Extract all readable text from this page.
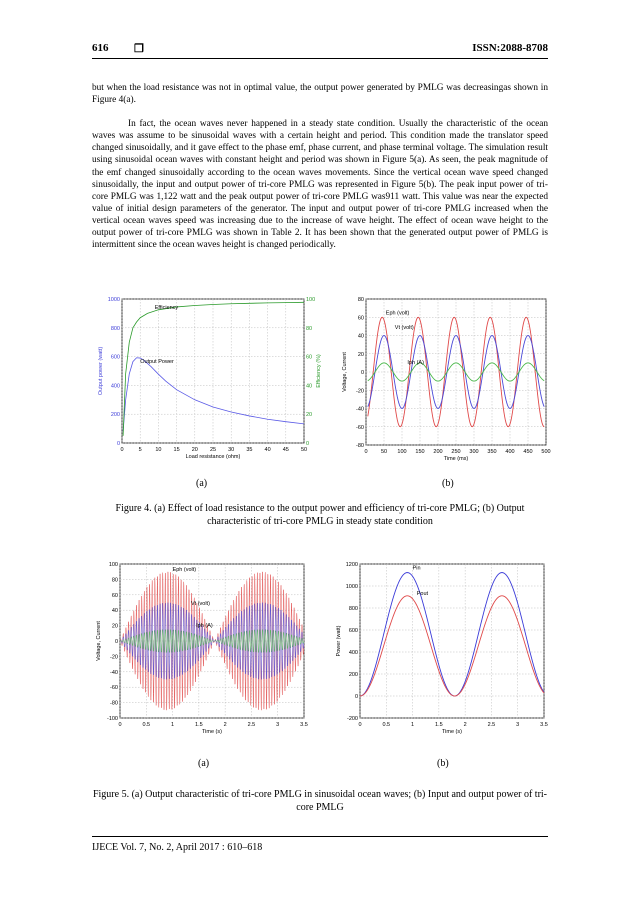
616 ❒	ISSN:2088-8708

but when the load resistance was not in optimal value, the output power generated by PMLG was decreasingas shown in Figure 4(a).

In fact, the ocean waves never happened in a steady state condition. Usually the characteristic of the ocean waves was assume to be sinusoidal waves with a certain height and period. This condition made the translator speed changed sinusoidally, and it gave effect to the phase emf, phase current, and phase terminal voltage. The simulation result using sinusoidal ocean waves with constant height and period was shown in Figure 5(a). As seen, the peak magnitude of the emf changed sinusoidally according to the ocean waves movements. Since the vertical ocean wave speed changed sinusoidally, the input and output power of tri-core PMLG was represented in Figure 5(b). The peak input power of tri-core PMLG was 1,122 watt and the peak output power of tri-core PMLG was911 watt. This value was near the expected value of initial design parameters of the generator. The input and output power of tri-core PMLG increased when the vertical ocean waves speed was increasing due to the increase of wave height. The effect of ocean wave height to the output power of tri-core PMLG was shown in Table 2. It has been shown that the generated output power of PMLG is intermittent since the ocean waves height is changed periodically.

0	5 10 15 20 25 30 35 40 45 50
0
200
400
600
800
1000
Load resistance (ohm)
Output power (watt)
0
20
40
60
80
100
Efficiency (%)
Efficiency
Output Power
0 50 100 150 200 250 300 350 400 450 500
-80
-60
-40
-20
0
20
40
60
80
Time (ms)
Voltage, Current
Eph (volt)
Vt (volt)
Iph (A)
(a)	(b)
Figure 4. (a) Effect of load resistance to the output power and efficiency of tri-core PMLG; (b) Output characteristic of tri-core PMLG in steady state condition
0	0.5	1	1.5	2	2.5	3	3.5
-100
-80
-60
-40
-20
0
20
40
60
80
100
Time (s)
Voltage, Current
Eph (volt)
Vt (volt)
Iph (A)
0	0.5	1	1.5	2	2.5	3	3.5
-200
0
200
400
600
800
1000
1200
Time (s)
Power (watt)
Pin
Pout
(a)	(b)
Figure 5. (a) Output characteristic of tri-core PMLG in sinusoidal ocean waves; (b) Input and output power of tri-core PMLG
IJECE Vol. 7, No. 2, April 2017 : 610–618
